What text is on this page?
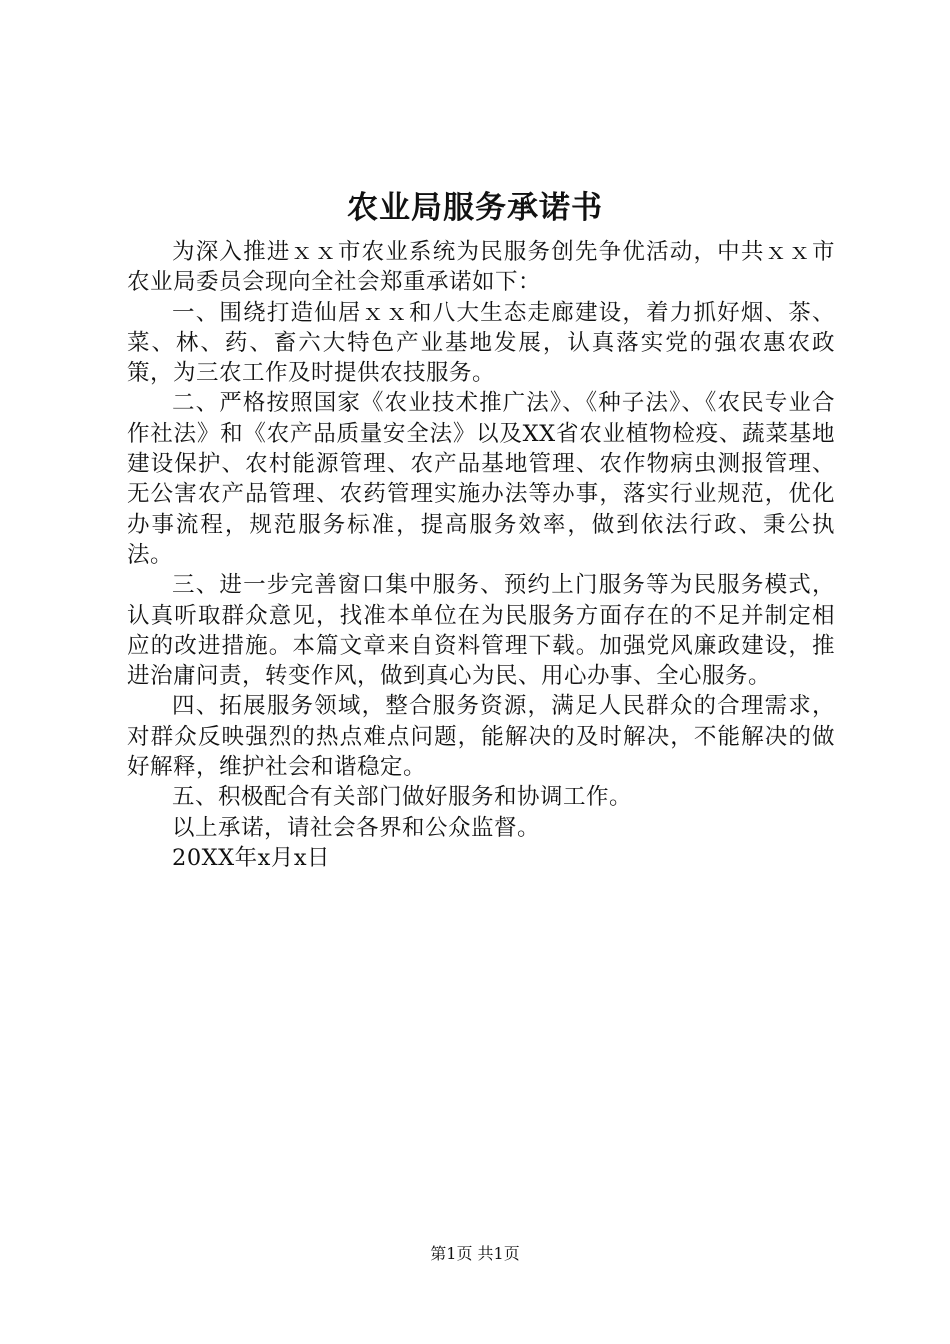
农业局服务承诺书

为深入推进ｘｘ市农业系统为民服务创先争优活动，中共ｘｘ市农业局委员会现向全社会郑重承诺如下：

一、围绕打造仙居ｘｘ和八大生态走廊建设，着力抓好烟、茶、菜、林、药、畜六大特色产业基地发展，认真落实党的强农惠农政策，为三农工作及时提供农技服务。

二、严格按照国家《农业技术推广法》、《种子法》、《农民专业合作社法》和《农产品质量安全法》以及XX省农业植物检疫、蔬菜基地建设保护、农村能源管理、农产品基地管理、农作物病虫测报管理、无公害农产品管理、农药管理实施办法等办事，落实行业规范，优化办事流程，规范服务标准，提高服务效率，做到依法行政、秉公执法。

三、进一步完善窗口集中服务、预约上门服务等为民服务模式，认真听取群众意见，找准本单位在为民服务方面存在的不足并制定相应的改进措施。本篇文章来自资料管理下载。加强党风廉政建设，推进治庸问责，转变作风，做到真心为民、用心办事、全心服务。

四、拓展服务领域，整合服务资源，满足人民群众的合理需求，对群众反映强烈的热点难点问题，能解决的及时解决，不能解决的做好解释，维护社会和谐稳定。

五、积极配合有关部门做好服务和协调工作。

以上承诺，请社会各界和公众监督。

20XX年x月x日

第1页 共1页
